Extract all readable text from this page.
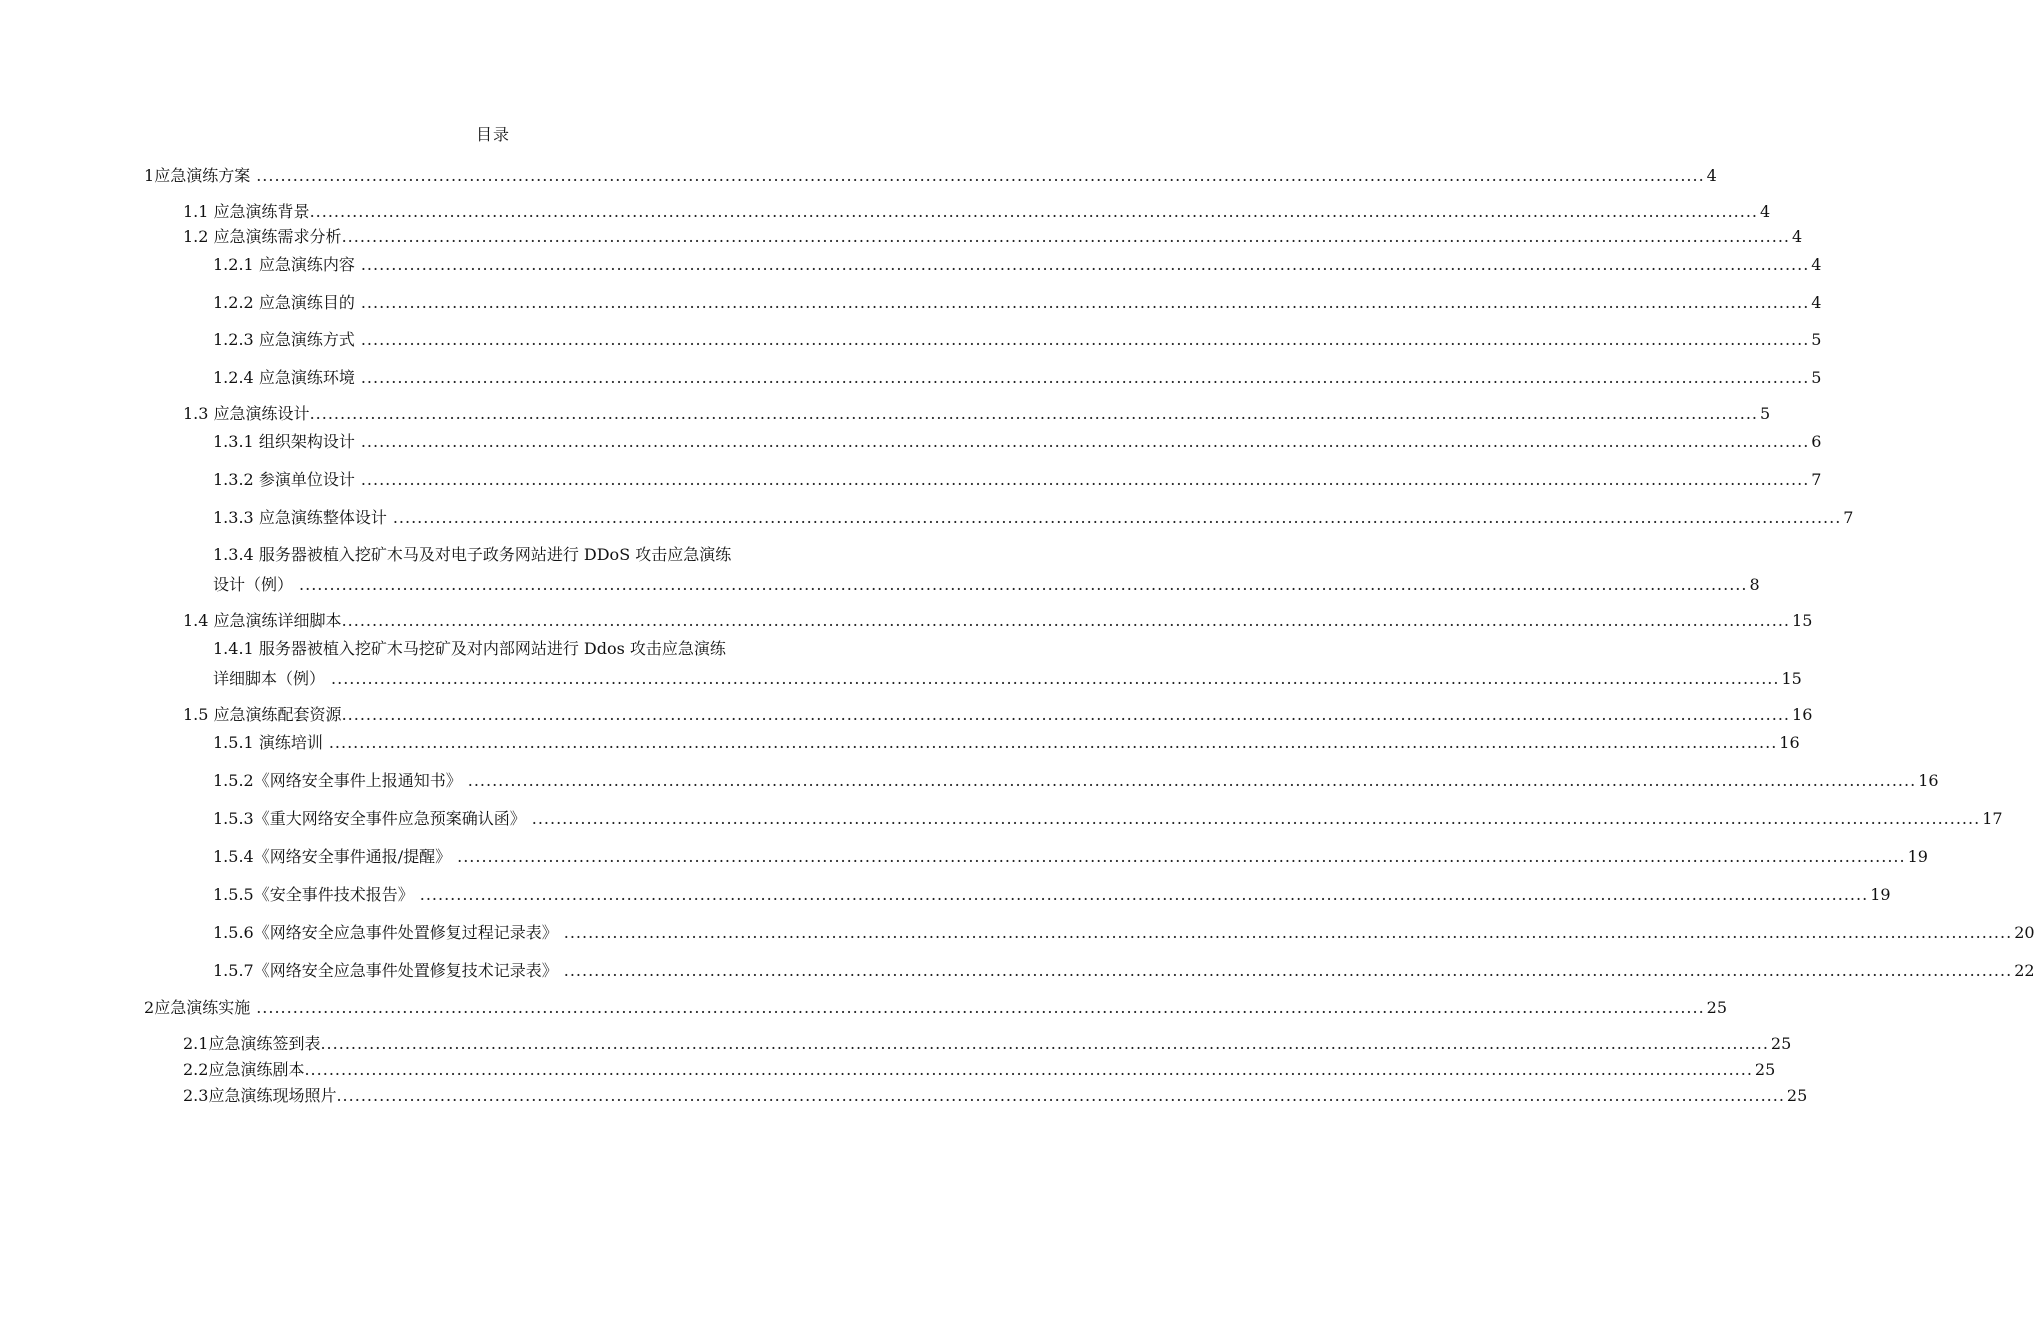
目录
1 应急演练方案 .............................................................................................................................................................................................................................................. 4
1.1
应急演练背景 .............................................................................................................................................................................................................................................. 4
1.2
应急演练需求分析 .............................................................................................................................................................................................................................................. 4
1.2.1
应急演练内容 .............................................................................................................................................................................................................................................. 4
1.2.2
应急演练目的 .............................................................................................................................................................................................................................................. 4
1.2.3
应急演练方式 .............................................................................................................................................................................................................................................. 5
1.2.4
应急演练环境 .............................................................................................................................................................................................................................................. 5
1.3
应急演练设计 .............................................................................................................................................................................................................................................. 5
1.3.1
组织架构设计 .............................................................................................................................................................................................................................................. 6
1.3.2
参演单位设计 .............................................................................................................................................................................................................................................. 7
1.3.3
应急演练整体设计 .............................................................................................................................................................................................................................................. 7
1.3.4 服务器被植入挖矿木马及对电子政务网站进行 DDoS 攻击应急演练
设计（例） .............................................................................................................................................................................................................................................. 8
1.4
应急演练详细脚本 .............................................................................................................................................................................................................................................. 15
1.4.1 服务器被植入挖矿木马挖矿及对内部网站进行 Ddos 攻击应急演练
详细脚本（例） .............................................................................................................................................................................................................................................. 15
1.5
应急演练配套资源 .............................................................................................................................................................................................................................................. 16
1.5.1
演练培训 .............................................................................................................................................................................................................................................. 16
1.5.2 《网络安全事件上报通知书》 .............................................................................................................................................................................................................................................. 16
1.5.3 《重大网络安全事件应急预案确认函》 .............................................................................................................................................................................................................................................. 17
1.5.4 《网络安全事件通报/提醒》 .............................................................................................................................................................................................................................................. 19
1.5.5 《安全事件技术报告》 .............................................................................................................................................................................................................................................. 19
1.5.6 《网络安全应急事件处置修复过程记录表》 .............................................................................................................................................................................................................................................. 20
1.5.7 《网络安全应急事件处置修复技术记录表》 .............................................................................................................................................................................................................................................. 22
2 应急演练实施 .............................................................................................................................................................................................................................................. 25
2.1 应急演练签到表 .............................................................................................................................................................................................................................................. 25
2.2 应急演练剧本 .............................................................................................................................................................................................................................................. 25
2.3 应急演练现场照片 .............................................................................................................................................................................................................................................. 25
